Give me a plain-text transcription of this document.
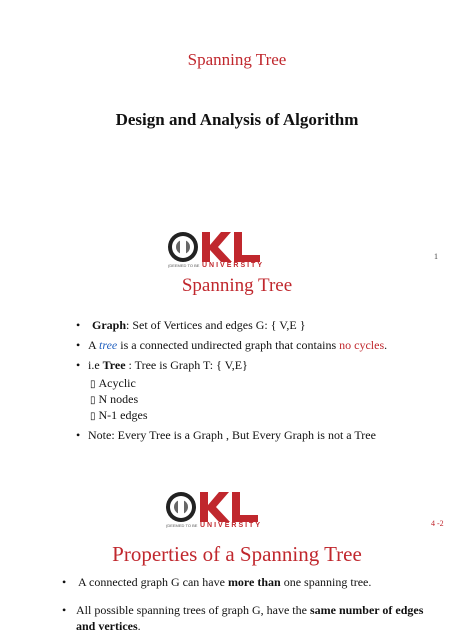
Spanning Tree
Design and Analysis of Algorithm
(DEEMED TO BE UNIVERSITY
1
Spanning Tree
• Graph: Set of Vertices and edges G: { V,E }
• A tree is a connected undirected graph that contains no cycles.
• i.e Tree : Tree is Graph T: { V,E}
▯ Acyclic
▯ N nodes
▯ N-1 edges
• Note: Every Tree is a Graph , But Every Graph is not a Tree
(DEEMED TO BE UNIVERSITY	4 -2
Properties of a Spanning Tree
• A connected graph G can have more than one spanning tree.
• All possible spanning trees of graph G, have the same number of edges
and vertices.
